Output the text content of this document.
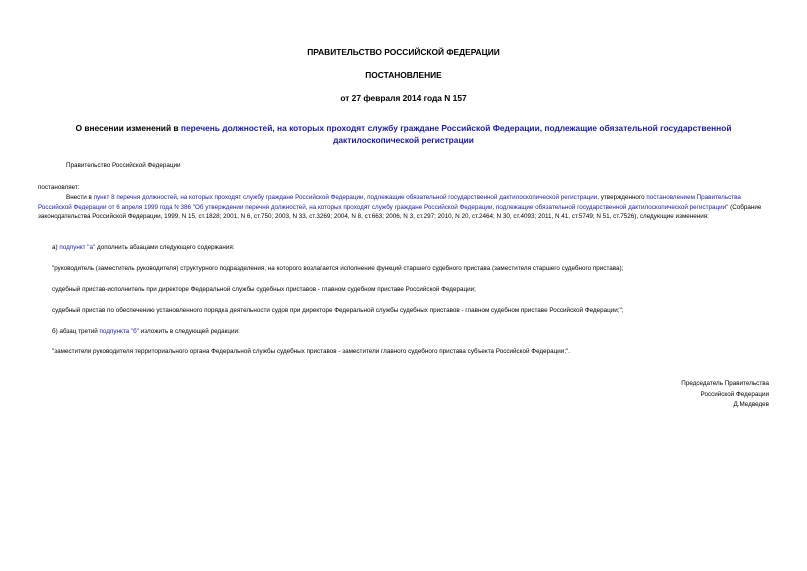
ПРАВИТЕЛЬСТВО РОССИЙСКОЙ ФЕДЕРАЦИИ
ПОСТАНОВЛЕНИЕ
от 27 февраля 2014 года N 157
О внесении изменений в перечень должностей, на которых проходят службу граждане Российской Федерации, подлежащие обязательной государственной дактилоскопической регистрации
Правительство Российской Федерации
постановляет:
Внести в пункт 8 перечня должностей, на которых проходят службу граждане Российской Федерации, подлежащие обязательной государственной дактилоскопической регистрации, утвержденного постановлением Правительства Российской Федерации от 6 апреля 1999 года N 386 "Об утверждении перечня должностей, на которых проходят службу граждане Российской Федерации, подлежащие обязательной государственной дактилоскопической регистрации" (Собрание законодательства Российской Федерации, 1999, N 15, ст.1828; 2001, N 6, ст.750; 2003, N 33, ст.3269; 2004, N 8, ст.663; 2006, N 3, ст.297; 2010, N 20, ст.2464; N 30, ст.4093; 2011, N 41, ст.5749; N 51, ст.7526), следующие изменения:
а) подпункт "а" дополнить абзацами следующего содержания:
"руководитель (заместитель руководителя) структурного подразделения, на которого возлагается исполнение функций старшего судебного пристава (заместителя старшего судебного пристава);
судебный пристав-исполнитель при директоре Федеральной службы судебных приставов - главном судебном приставе Российской Федерации;
судебный пристав по обеспечению установленного порядка деятельности судов при директоре Федеральной службы судебных приставов - главном судебном приставе Российской Федерации;";
б) абзац третий подпункта "б" изложить в следующей редакции:
"заместители руководителя территориального органа Федеральной службы судебных приставов - заместители главного судебного пристава субъекта Российской Федерации;".
Председатель Правительства
Российской Федерации
Д.Медведев
